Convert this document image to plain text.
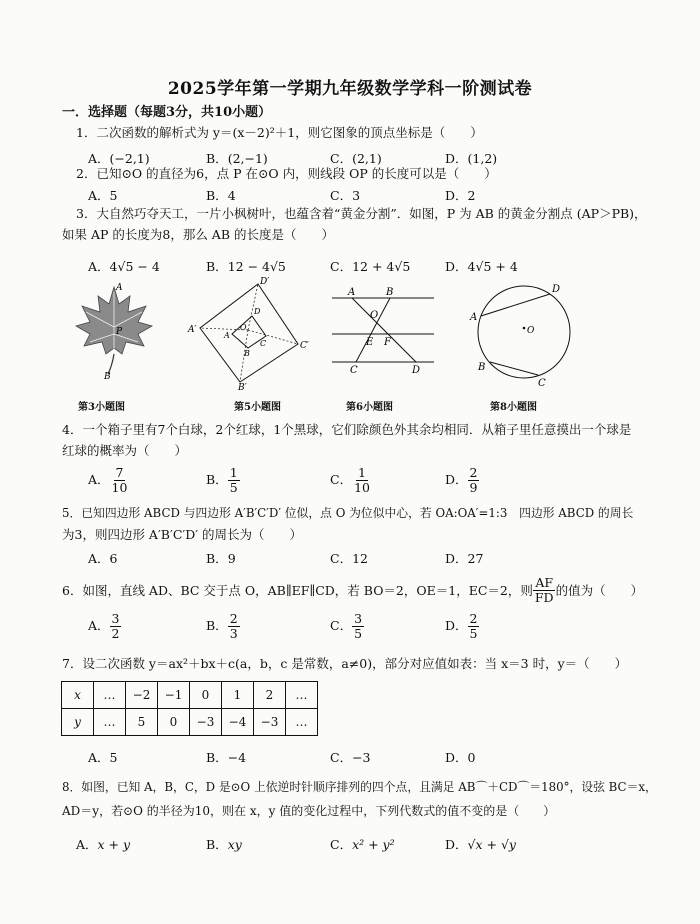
2025学年第一学期九年级数学学科一阶测试卷
一．选择题（每题3分，共10小题）
1．二次函数的解析式为 y＝(x－2)²＋1，则它图象的顶点坐标是（　　）
A．(−2,1)	B．(2,−1)	C．(2,1)	D．(1,2)
2．已知⊙O 的直径为6，点 P 在⊙O 内，则线段 OP 的长度可以是（　　）
A．5	B．4	C．3	D．2
3．大自然巧夺天工，一片小枫树叶，也蕴含着“黄金分割”．如图，P 为 AB 的黄金分割点 (AP＞PB)，
如果 AP 的长度为8，那么 AB 的长度是（　　）
A．4√5 − 4	B．12 − 4√5	C．12 + 4√5	D．4√5 + 4
A
P
B
D′
A′
C′
B′
D
A
O
B
C
A	B
O
E F
C	D
O
A
D
B
C
第3小题图	第5小题图	第6小题图	第8小题图
4．一个箱子里有7个白球，2个红球，1个黑球，它们除颜色外其余均相同．从箱子里任意摸出一个球是
红球的概率为（　　）
A． $\frac{7}{10}$	B． $\frac{1}{5}$	C． $\frac{1}{10}$	D． $\frac{2}{9}$
5．已知四边形 ABCD 与四边形 A′B′C′D′ 位似，点 O 为位似中心，若 OA:OA′=1:3　四边形 ABCD 的周长
为3，则四边形 A′B′C′D′ 的周长为（　　）
A．6	B．9	C．12	D．27
6．如图，直线 AD、BC 交于点 O，AB∥EF∥CD，若 BO＝2，OE＝1，EC＝2，则 $\frac{AF}{FD}$ 的值为（　　）
A． $\frac{3}{2}$	B． $\frac{2}{3}$	C． $\frac{3}{5}$	D． $\frac{2}{5}$
7．设二次函数 y＝ax²＋bx＋c(a，b，c 是常数，a≠0)，部分对应值如表：当 x＝3 时，y＝（　　）
x	…	−2	−1	0	1	2	…
y	…	5	0	−3	−4	−3	…
A．5	B．−4	C．−3	D．0
8．如图，已知 A，B，C，D 是⊙O 上依逆时针顺序排列的四个点，且满足 AB⌒＋CD⌒＝180°，设弦 BC＝x，
AD＝y，若⊙O 的半径为10，则在 x，y 值的变化过程中，下列代数式的值不变的是（　　）
A．x + y	B．xy	C．x² + y²	D．√x + √y
